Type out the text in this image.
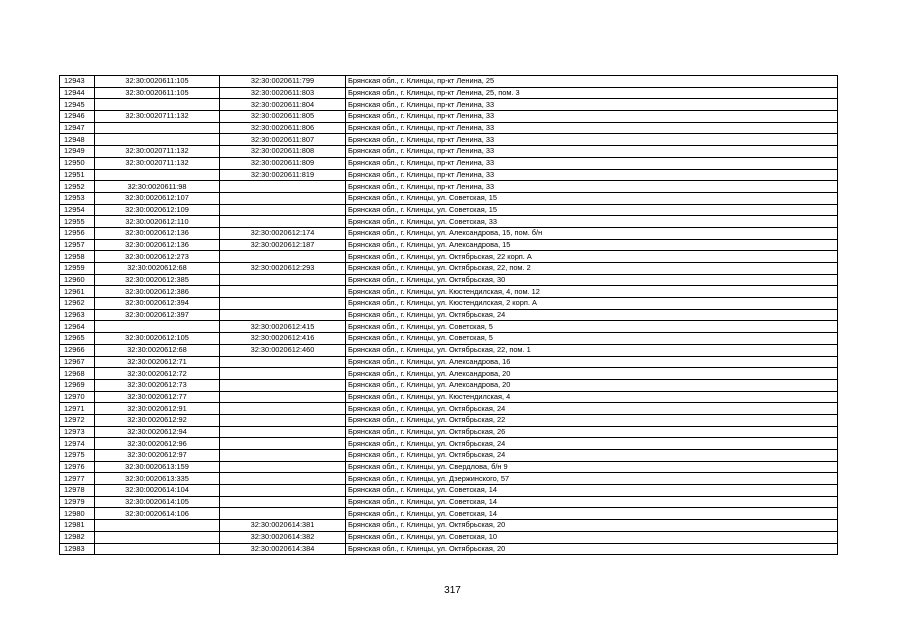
12943	32:30:0020611:105	32:30:0020611:799	Брянская обл., г. Клинцы, пр-кт Ленина, 25
12944	32:30:0020611:105	32:30:0020611:803	Брянская обл., г. Клинцы, пр-кт Ленина, 25, пом. 3
12945		32:30:0020611:804	Брянская обл., г. Клинцы, пр-кт Ленина, 33
12946	32:30:0020711:132	32:30:0020611:805	Брянская обл., г. Клинцы, пр-кт Ленина, 33
12947		32:30:0020611:806	Брянская обл., г. Клинцы, пр-кт Ленина, 33
12948		32:30:0020611:807	Брянская обл., г. Клинцы, пр-кт Ленина, 33
12949	32:30:0020711:132	32:30:0020611:808	Брянская обл., г. Клинцы, пр-кт Ленина, 33
12950	32:30:0020711:132	32:30:0020611:809	Брянская обл., г. Клинцы, пр-кт Ленина, 33
12951		32:30:0020611:819	Брянская обл., г. Клинцы, пр-кт Ленина, 33
12952	32:30:0020611:98		Брянская обл., г. Клинцы, пр-кт Ленина, 33
12953	32:30:0020612:107		Брянская обл., г. Клинцы, ул. Советская, 15
12954	32:30:0020612:109		Брянская обл., г. Клинцы, ул. Советская, 15
12955	32:30:0020612:110		Брянская обл., г. Клинцы, ул. Советская, 33
12956	32:30:0020612:136	32:30:0020612:174	Брянская обл., г. Клинцы, ул. Александрова, 15, пом. б/н
12957	32:30:0020612:136	32:30:0020612:187	Брянская обл., г. Клинцы, ул. Александрова, 15
12958	32:30:0020612:273		Брянская обл., г. Клинцы, ул. Октябрьская, 22 корп. А
12959	32:30:0020612:68	32:30:0020612:293	Брянская обл., г. Клинцы, ул. Октябрьская, 22, пом. 2
12960	32:30:0020612:385		Брянская обл., г. Клинцы, ул. Октябрьская, 30
12961	32:30:0020612:386		Брянская обл., г. Клинцы, ул. Кюстендилская, 4, пом. 12
12962	32:30:0020612:394		Брянская обл., г. Клинцы, ул. Кюстендилская, 2 корп. А
12963	32:30:0020612:397		Брянская обл., г. Клинцы, ул. Октябрьская, 24
12964		32:30:0020612:415	Брянская обл., г. Клинцы, ул. Советская, 5
12965	32:30:0020612:105	32:30:0020612:416	Брянская обл., г. Клинцы, ул. Советская, 5
12966	32:30:0020612:68	32:30:0020612:460	Брянская обл., г. Клинцы, ул. Октябрьская, 22, пом. 1
12967	32:30:0020612:71		Брянская обл., г. Клинцы, ул. Александрова, 16
12968	32:30:0020612:72		Брянская обл., г. Клинцы, ул. Александрова, 20
12969	32:30:0020612:73		Брянская обл., г. Клинцы, ул. Александрова, 20
12970	32:30:0020612:77		Брянская обл., г. Клинцы, ул. Кюстендилская, 4
12971	32:30:0020612:91		Брянская обл., г. Клинцы, ул. Октябрьская, 24
12972	32:30:0020612:92		Брянская обл., г. Клинцы, ул. Октябрьская, 22
12973	32:30:0020612:94		Брянская обл., г. Клинцы, ул. Октябрьская, 26
12974	32:30:0020612:96		Брянская обл., г. Клинцы, ул. Октябрьская, 24
12975	32:30:0020612:97		Брянская обл., г. Клинцы, ул. Октябрьская, 24
12976	32:30:0020613:159		Брянская обл., г. Клинцы, ул. Свердлова, б/н 9
12977	32:30:0020613:335		Брянская обл., г. Клинцы, ул. Дзержинского, 57
12978	32:30:0020614:104		Брянская обл., г. Клинцы, ул. Советская, 14
12979	32:30:0020614:105		Брянская обл., г. Клинцы, ул. Советская, 14
12980	32:30:0020614:106		Брянская обл., г. Клинцы, ул. Советская, 14
12981		32:30:0020614:381	Брянская обл., г. Клинцы, ул. Октябрьская, 20
12982		32:30:0020614:382	Брянская обл., г. Клинцы, ул. Советская, 10
12983		32:30:0020614:384	Брянская обл., г. Клинцы, ул. Октябрьская, 20
317
